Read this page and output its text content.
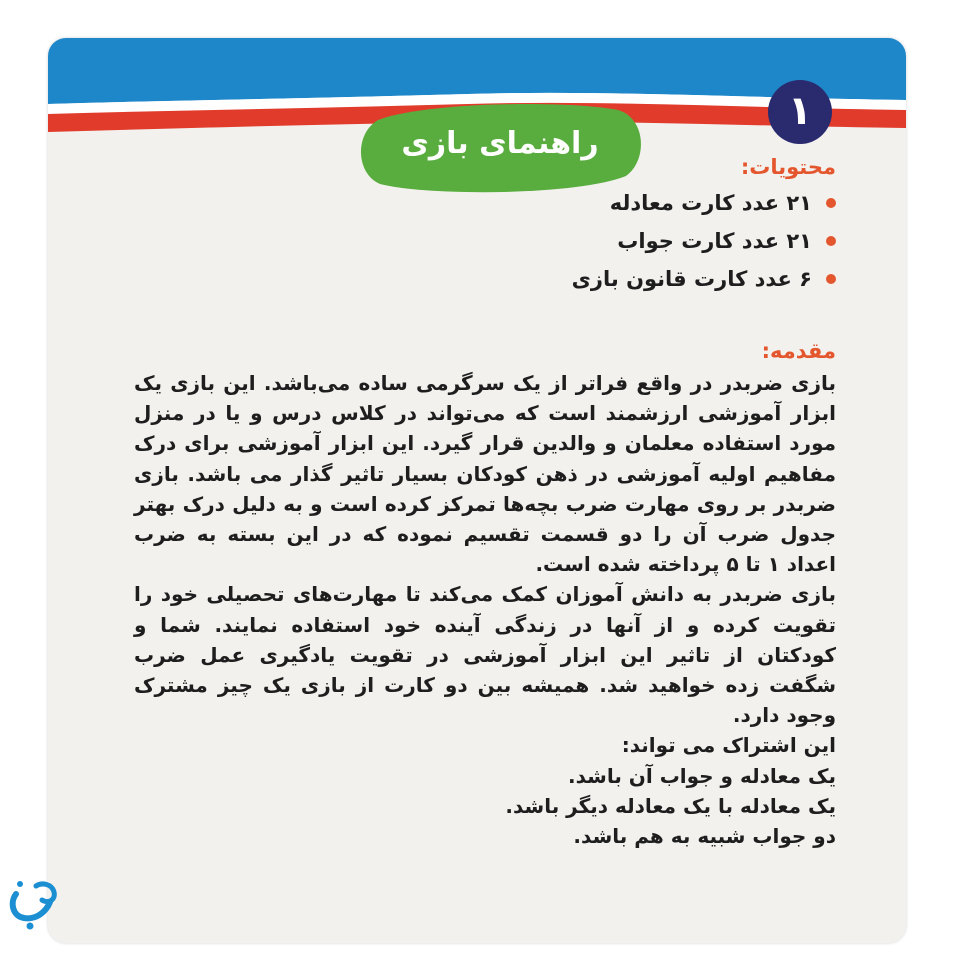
۱
راهنمای بازی

محتویات:

۲۱ عدد کارت معادله
۲۱ عدد کارت جواب
۶ عدد کارت قانون بازی

مقدمه:

بازی ضربدر در واقع فراتر از یک سرگرمی ساده می‌باشد. این بازی یک ابزار آموزشی ارزشمند است که می‌تواند در کلاس درس و یا در منزل مورد استفاده معلمان و والدین قرار گیرد. این ابزار آموزشی برای درک مفاهیم اولیه آموزشی در ذهن کودکان بسیار تاثیر گذار می باشد. بازی ضربدر بر روی مهارت ضرب بچه‌ها تمرکز کرده است و به دلیل درک بهتر جدول ضرب آن را دو قسمت تقسیم نموده که در این بسته به ضرب اعداد ۱ تا ۵ پرداخته شده است.

بازی ضربدر به دانش آموزان کمک می‌کند تا مهارت‌های تحصیلی خود را تقویت کرده و از آنها در زندگی آینده خود استفاده نمایند. شما و کودکتان از تاثیر این ابزار آموزشی در تقویت یادگیری عمل ضرب شگفت زده خواهید شد. همیشه بین دو کارت از بازی یک چیز مشترک وجود دارد.

این اشتراک می تواند:

یک معادله و جواب آن باشد.

یک معادله با یک معادله دیگر باشد.

دو جواب شبیه به هم باشد.
